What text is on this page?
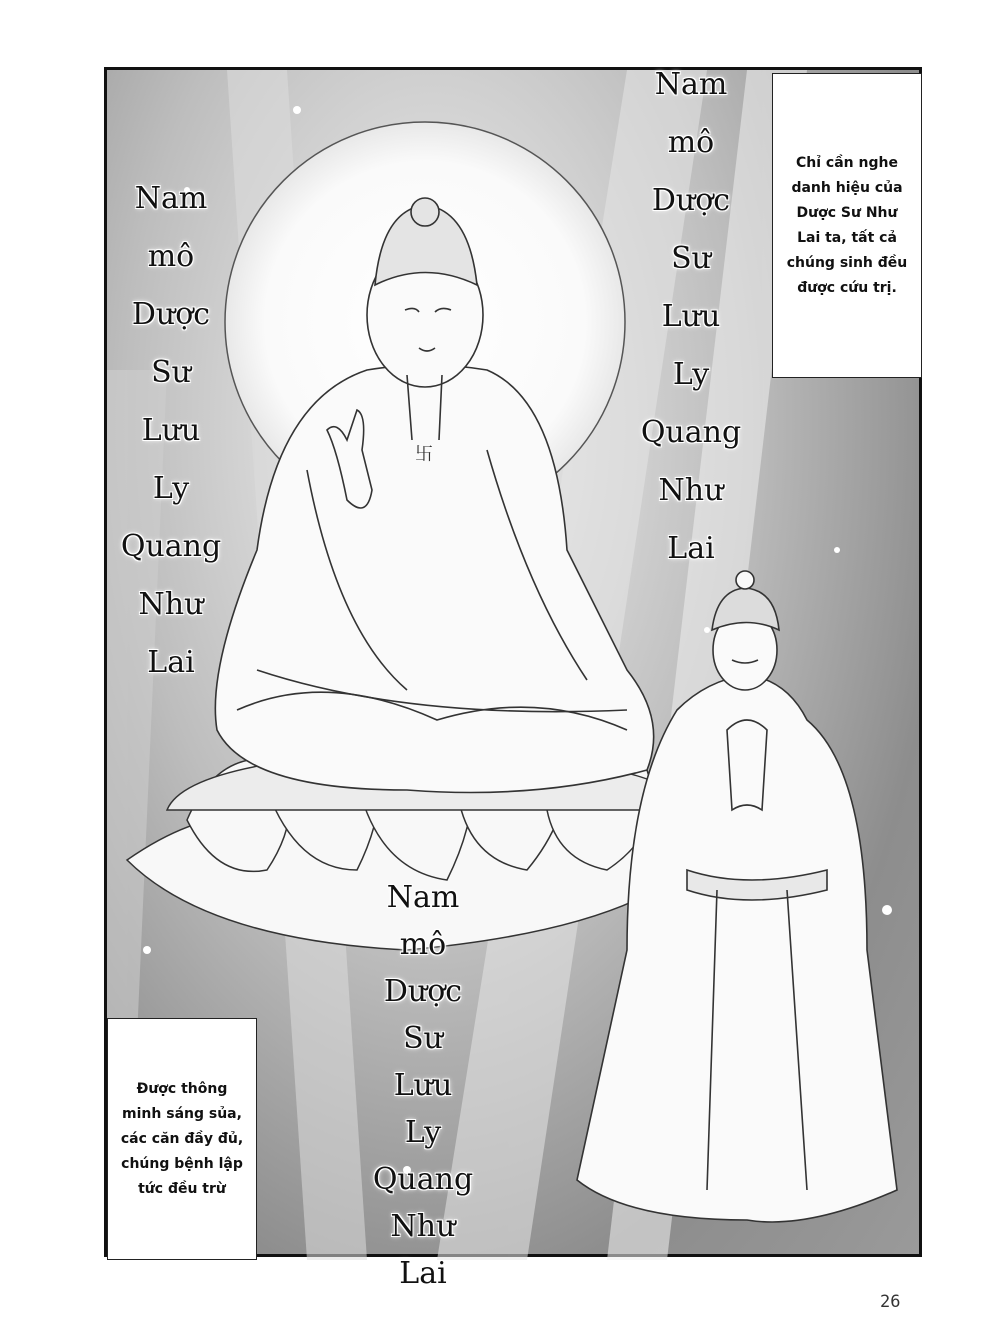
卐
Nam
mô
Dược
Sư
Lưu
Ly
Quang
Như
Lai
Nam
mô
Dược
Sư
Lưu
Ly
Quang
Như
Lai
Nam
mô
Dược
Sư
Lưu
Ly
Quang
Như
Lai
Chỉ cần nghe
danh hiệu của
Dược Sư Như
Lai ta, tất cả
chúng sinh đều
được cứu trị.
Được thông
minh sáng sủa,
các căn đầy đủ,
chúng bệnh lập
tức đều trừ
26
